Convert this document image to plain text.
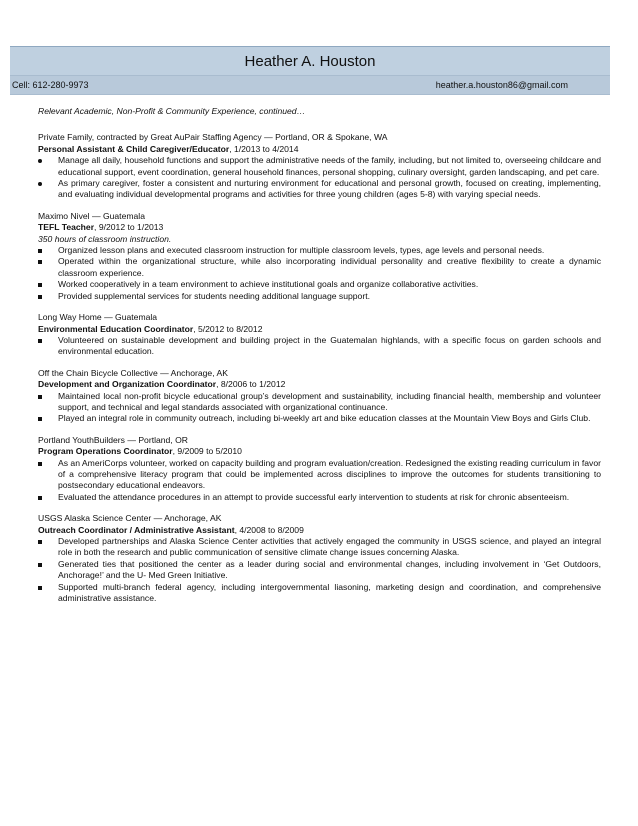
Heather A. Houston
Cell: 612-280-9973	heather.a.houston86@gmail.com

Relevant Academic, Non-Profit & Community Experience, continued…

Private Family, contracted by Great AuPair Staffing Agency — Portland, OR & Spokane, WA

Personal Assistant & Child Caregiver/Educator, 1/2013 to 4/2014

Manage all daily, household functions and support the administrative needs of the family, including, but not limited to, overseeing childcare and educational support, event coordination, general household finances, personal shopping, culinary oversight, garden landscaping, and pet care.
As primary caregiver, foster a consistent and nurturing environment for educational and personal growth, focused on creating, implementing, and evaluating individual developmental programs and activities for three young children (ages 5-8) with varying special needs.

Maximo Nivel — Guatemala

TEFL Teacher, 9/2012 to 1/2013

350 hours of classroom instruction.

Organized lesson plans and executed classroom instruction for multiple classroom levels, types, age levels and personal needs.
Operated within the organizational structure, while also incorporating individual personality and creative flexibility to create a dynamic classroom experience.
Worked cooperatively in a team environment to achieve institutional goals and organize collaborative activities.
Provided supplemental services for students needing additional language support.

Long Way Home — Guatemala

Environmental Education Coordinator, 5/2012 to 8/2012

Volunteered on sustainable development and building project in the Guatemalan highlands, with a specific focus on garden schools and environmental education.

Off the Chain Bicycle Collective — Anchorage, AK

Development and Organization Coordinator, 8/2006 to 1/2012

Maintained local non-profit bicycle educational group’s development and sustainability, including financial health, membership and volunteer support, and technical and legal standards associated with organizational continuance.
Played an integral role in community outreach, including bi-weekly art and bike education classes at the Mountain View Boys and Girls Club.

Portland YouthBuilders — Portland, OR

Program Operations Coordinator, 9/2009 to 5/2010

As an AmeriCorps volunteer, worked on capacity building and program evaluation/creation. Redesigned the existing reading curriculum in favor of a comprehensive literacy program that could be implemented across disciplines to improve the outcomes for students transitioning to postsecondary educational endeavors.
Evaluated the attendance procedures in an attempt to provide successful early intervention to students at risk for chronic absenteeism.

USGS Alaska Science Center — Anchorage, AK

Outreach Coordinator / Administrative Assistant, 4/2008 to 8/2009

Developed partnerships and Alaska Science Center activities that actively engaged the community in USGS science, and played an integral role in both the research and public communication of sensitive climate change issues concerning Alaska.
Generated ties that positioned the center as a leader during social and environmental changes, including involvement in ‘Get Outdoors, Anchorage!’ and the U- Med Green Initiative.
Supported multi-branch federal agency, including intergovernmental liasoning, marketing design and coordination, and comprehensive administrative assistance.
